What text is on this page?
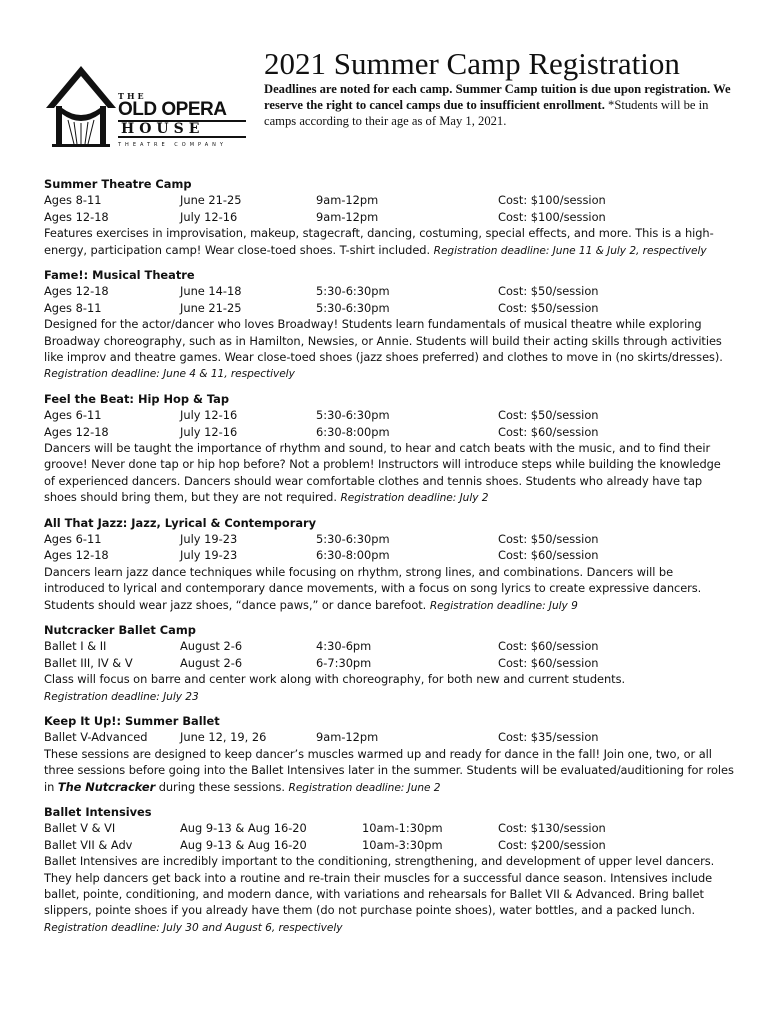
THE
OLD OPERA
HOUSE
THEATRE COMPANY
2021 Summer Camp Registration
Deadlines are noted for each camp. Summer Camp tuition is due upon registration. We reserve the right to cancel camps due to insufficient enrollment. *Students will be in camps according to their age as of May 1, 2021.
Summer Theatre Camp
Ages 8-11	June 21-25	9am-12pm	Cost: $100/session
Ages 12-18	July 12-16	9am-12pm	Cost: $100/session
Features exercises in improvisation, makeup, stagecraft, dancing, costuming, special effects, and more. This is a high-energy, participation camp! Wear close-toed shoes. T-shirt included. Registration deadline: June 11 & July 2, respectively
Fame!: Musical Theatre
Ages 12-18	June 14-18	5:30-6:30pm	Cost: $50/session
Ages 8-11	June 21-25	5:30-6:30pm	Cost: $50/session
Designed for the actor/dancer who loves Broadway! Students learn fundamentals of musical theatre while exploring Broadway choreography, such as in Hamilton, Newsies, or Annie. Students will build their acting skills through activities like improv and theatre games. Wear close-toed shoes (jazz shoes preferred) and clothes to move in (no skirts/dresses). Registration deadline: June 4 & 11, respectively
Feel the Beat: Hip Hop & Tap
Ages 6-11	July 12-16	5:30-6:30pm	Cost: $50/session
Ages 12-18	July 12-16	6:30-8:00pm	Cost: $60/session
Dancers will be taught the importance of rhythm and sound, to hear and catch beats with the music, and to find their groove! Never done tap or hip hop before? Not a problem! Instructors will introduce steps while building the knowledge of experienced dancers. Dancers should wear comfortable clothes and tennis shoes. Students who already have tap shoes should bring them, but they are not required. Registration deadline: July 2
All That Jazz: Jazz, Lyrical & Contemporary
Ages 6-11	July 19-23	5:30-6:30pm	Cost: $50/session
Ages 12-18	July 19-23	6:30-8:00pm	Cost: $60/session
Dancers learn jazz dance techniques while focusing on rhythm, strong lines, and combinations. Dancers will be introduced to lyrical and contemporary dance movements, with a focus on song lyrics to create expressive dancers. Students should wear jazz shoes, “dance paws,” or dance barefoot. Registration deadline: July 9
Nutcracker Ballet Camp
Ballet I & II	August 2-6	4:30-6pm	Cost: $60/session
Ballet III, IV & V	August 2-6	6-7:30pm	Cost: $60/session
Class will focus on barre and center work along with choreography, for both new and current students.
Registration deadline: July 23
Keep It Up!: Summer Ballet
Ballet V-Advanced	June 12, 19, 26	9am-12pm	Cost: $35/session
These sessions are designed to keep dancer’s muscles warmed up and ready for dance in the fall! Join one, two, or all three sessions before going into the Ballet Intensives later in the summer. Students will be evaluated/auditioning for roles in The Nutcracker during these sessions. Registration deadline: June 2
Ballet Intensives
Ballet V & VI	Aug 9-13 & Aug 16-20	10am-1:30pm	Cost: $130/session
Ballet VII & Adv	Aug 9-13 & Aug 16-20	10am-3:30pm	Cost: $200/session
Ballet Intensives are incredibly important to the conditioning, strengthening, and development of upper level dancers. They help dancers get back into a routine and re-train their muscles for a successful dance season. Intensives include ballet, pointe, conditioning, and modern dance, with variations and rehearsals for Ballet VII & Advanced. Bring ballet slippers, pointe shoes if you already have them (do not purchase pointe shoes), water bottles, and a packed lunch.
Registration deadline: July 30 and August 6, respectively
